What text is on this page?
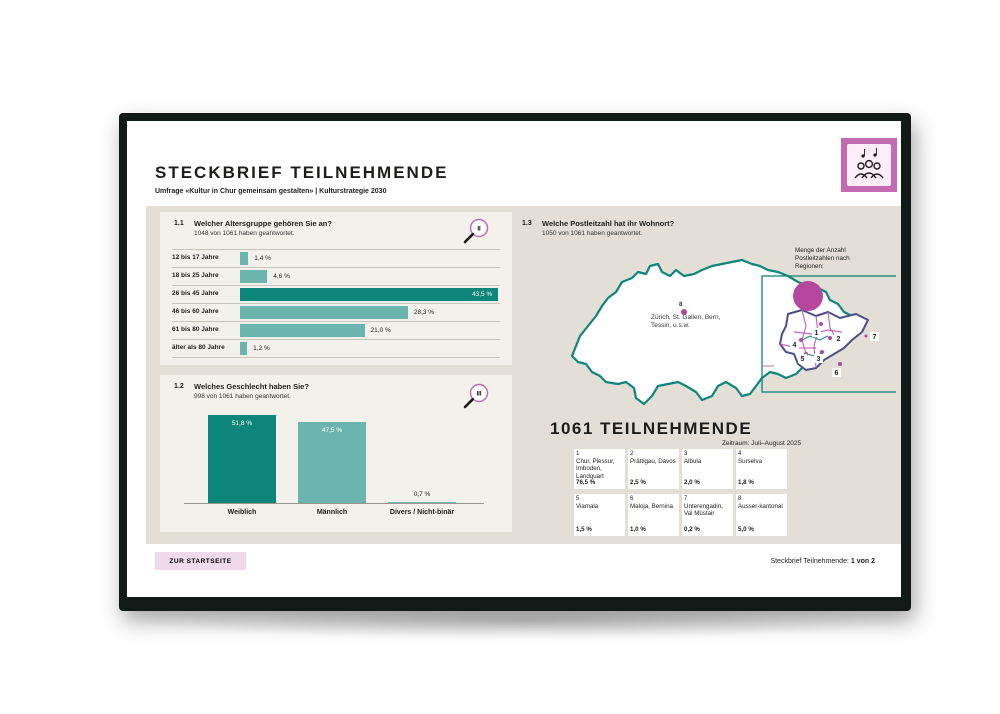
STECKBRIEF TEILNEHMENDE
Umfrage «Kultur in Chur gemeinsam gestalten» | Kulturstrategie 2030
1.1 Welcher Altersgruppe gehören Sie an?
1048 von 1061 haben geantwortet.
II
12 bis 17 Jahre	1,4 %
18 bis 25 Jahre	4,6 %
26 bis 45 Jahre	43,5 %
46 bis 60 Jahre	28,3 %
61 bis 80 Jahre	21,0 %
älter als 80 Jahre	1,2 %
1.2 Welches Geschlecht haben Sie?
998 von 1061 haben geantwortet.	III
51,8 %
Weiblich
47,5 %
Männlich
0,7 %
Divers / Nicht-binär
1.3 Welche Postleitzahl hat ihr Wohnort?
1050 von 1061 haben geantwortet.
1
2
3
4
5
6
7
8
Zürich, St. Gallen, Bern, Tessin, u.s.w.
Menge der Anzahl Postleitzahlen nach Regionen:
1061 TEILNEHMENDE
Zeitraum: Juli–August 2025
1
Chur, Plessur, Imboden, Landquart
76,5 %
2
Prättigau, Davos
2,5 %
3
Albula
2,0 %
4
Surselva
1,8 %
5
Viamala
1,5 %
6
Maloja, Bernina
1,0 %
7
Unterengadin, Val Müstair
0,2 %
8
Ausser-kantonal
5,0 %
ZUR STARTSEITE	Steckbrief Teilnehmende: 1 von 2
